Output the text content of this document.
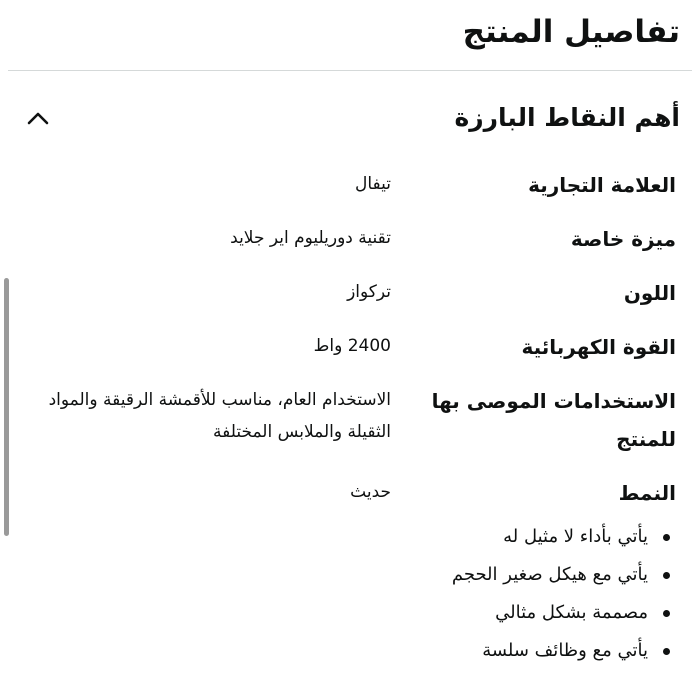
تفاصيل المنتج
أهم النقاط البارزة
العلامة التجارية	تيفال
ميزة خاصة	تقنية دوريليوم اير جلايد
اللون	تركواز
القوة الكهربائية	2400 واط
الاستخدامات الموصى بها للمنتج	الاستخدام العام، مناسب للأقمشة الرقيقة والمواد الثقيلة والملابس المختلفة
النمط	حديث
يأتي بأداء لا مثيل له
يأتي مع هيكل صغير الحجم
مصممة بشكل مثالي
يأتي مع وظائف سلسة
